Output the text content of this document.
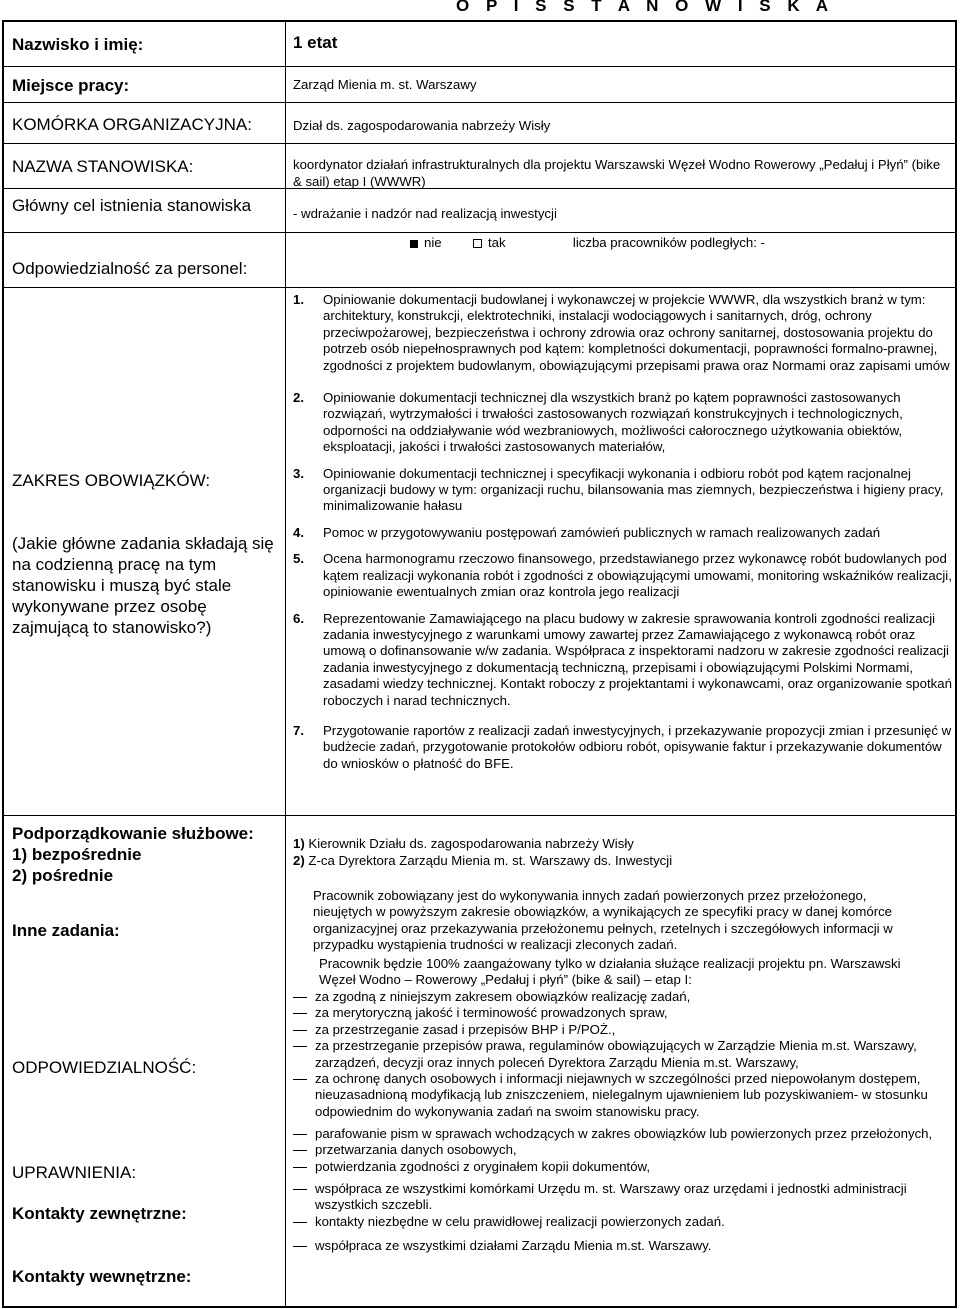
O P I S S T A N O W I S K A
Nazwisko i imię:	1 etat
Miejsce pracy:	Zarząd Mienia m. st. Warszawy
KOMÓRKA ORGANIZACYJNA:	Dział ds. zagospodarowania nabrzeży Wisły
NAZWA STANOWISKA:	koordynator działań infrastrukturalnych dla projektu Warszawski Węzeł Wodno Rowerowy „Pedałuj i Płyń” (bike & sail) etap I (WWWR)
Główny cel istnienia stanowiska	- wdrażanie i nadzór nad realizacją inwestycji
Odpowiedzialność za personel:
nie	tak	liczba pracowników podległych: -
ZAKRES OBOWIĄZKÓW:
(Jakie główne zadania składają się na codzienną pracę na tym stanowisku i muszą być stale wykonywane przez osobę zajmującą to stanowisko?)
1. Opiniowanie dokumentacji budowlanej i wykonawczej w projekcie WWWR, dla wszystkich branż w tym: architektury, konstrukcji, elektrotechniki, instalacji wodociągowych i sanitarnych, dróg, ochrony przeciwpożarowej, bezpieczeństwa i ochrony zdrowia oraz ochrony sanitarnej, dostosowania projektu do potrzeb osób niepełnosprawnych pod kątem: kompletności dokumentacji, poprawności formalno-prawnej, zgodności z projektem budowlanym, obowiązującymi przepisami prawa oraz Normami oraz zapisami umów
2. Opiniowanie dokumentacji technicznej dla wszystkich branż po kątem poprawności zastosowanych rozwiązań, wytrzymałości i trwałości zastosowanych rozwiązań konstrukcyjnych i technologicznych, odporności na oddziaływanie wód wezbraniowych, możliwości całorocznego użytkowania obiektów, eksploatacji, jakości i trwałości zastosowanych materiałów,
3. Opiniowanie dokumentacji technicznej i specyfikacji wykonania i odbioru robót pod kątem racjonalnej organizacji budowy w tym: organizacji ruchu, bilansowania mas ziemnych, bezpieczeństwa i higieny pracy, minimalizowanie hałasu
4. Pomoc w przygotowywaniu postępowań zamówień publicznych w ramach realizowanych zadań
5. Ocena harmonogramu rzeczowo finansowego, przedstawianego przez wykonawcę robót budowlanych pod kątem realizacji wykonania robót i zgodności z obowiązującymi umowami, monitoring wskaźników realizacji, opiniowanie ewentualnych zmian oraz kontrola jego realizacji
6. Reprezentowanie Zamawiającego na placu budowy w zakresie sprawowania kontroli zgodności realizacji zadania inwestycyjnego z warunkami umowy zawartej przez Zamawiającego z wykonawcą robót oraz umową o dofinansowanie w/w zadania. Współpraca z inspektorami nadzoru w zakresie zgodności realizacji zadania inwestycyjnego z dokumentacją techniczną, przepisami i obowiązującymi Polskimi Normami, zasadami wiedzy technicznej. Kontakt roboczy z projektantami i wykonawcami, oraz organizowanie spotkań roboczych i narad technicznych.
7. Przygotowanie raportów z realizacji zadań inwestycyjnych, i przekazywanie propozycji zmian i przesunięć w budżecie zadań, przygotowanie protokołów odbioru robót, opisywanie faktur i przekazywanie dokumentów do wniosków o płatność do BFE.
Podporządkowanie służbowe:
1) bezpośrednie
2) pośrednie
1) Kierownik Działu ds. zagospodarowania nabrzeży Wisły
2) Z-ca Dyrektora Zarządu Mienia m. st. Warszawy ds. Inwestycji
Inne zadania:
Pracownik zobowiązany jest do wykonywania innych zadań powierzonych przez przełożonego, nieujętych w powyższym zakresie obowiązków, a wynikających ze specyfiki pracy w danej komórce organizacyjnej oraz przekazywania przełożonemu pełnych, rzetelnych i szczegółowych informacji w przypadku wystąpienia trudności w realizacji zleconych zadań.
Pracownik będzie 100% zaangażowany tylko w działania służące realizacji projektu pn. Warszawski Węzeł Wodno – Rowerowy „Pedałuj i płyń” (bike & sail) – etap I:
ODPOWIEDZIALNOŚĆ:
za zgodną z niniejszym zakresem obowiązków realizację zadań,
za merytoryczną jakość i terminowość prowadzonych spraw,
za przestrzeganie zasad i przepisów BHP i P/POŻ.,
za przestrzeganie przepisów prawa, regulaminów obowiązujących w Zarządzie Mienia m.st. Warszawy, zarządzeń, decyzji oraz innych poleceń Dyrektora Zarządu Mienia m.st. Warszawy,
za ochronę danych osobowych i informacji niejawnych w szczególności przed niepowołanym dostępem, nieuzasadnioną modyfikacją lub zniszczeniem, nielegalnym ujawnieniem lub pozyskiwaniem- w stosunku odpowiednim do wykonywania zadań na swoim stanowisku pracy.
UPRAWNIENIA:
parafowanie pism w sprawach wchodzących w zakres obowiązków lub powierzonych przez przełożonych,
przetwarzania danych osobowych,
potwierdzania zgodności z oryginałem kopii dokumentów,
Kontakty zewnętrzne:
współpraca ze wszystkimi komórkami Urzędu m. st. Warszawy oraz urzędami i jednostki administracji wszystkich szczebli.
kontakty niezbędne w celu prawidłowej realizacji powierzonych zadań.
Kontakty wewnętrzne:
współpraca ze wszystkimi działami Zarządu Mienia m.st. Warszawy.
